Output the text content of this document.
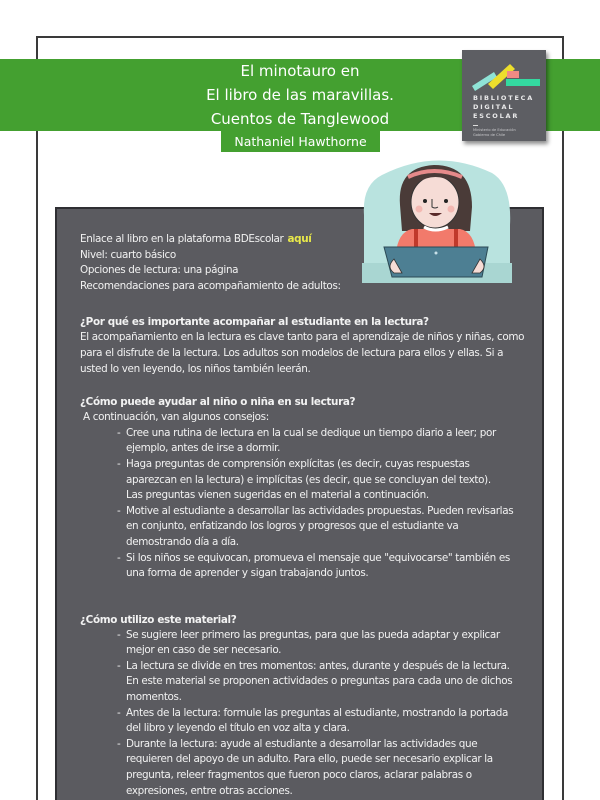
El minotauro en
El libro de las maravillas.
Cuentos de Tanglewood
Nathaniel Hawthorne
BIBLIOTECA
DIGITAL
ESCOLAR
Ministerio de Educación
Gobierno de Chile
Enlace al libro en la plataforma BDEscolar aquí
Nivel: cuarto básico
Opciones de lectura: una página
Recomendaciones para acompañamiento de adultos:
¿Por qué es importante acompañar al estudiante en la lectura?
El acompañamiento en la lectura es clave tanto para el aprendizaje de niños y niñas, como
para el disfrute de la lectura. Los adultos son modelos de lectura para ellos y ellas. Si a
usted lo ven leyendo, los niños también leerán.
¿Cómo puede ayudar al niño o niña en su lectura?
A continuación, van algunos consejos:
- Cree una rutina de lectura en la cual se dedique un tiempo diario a leer; por
ejemplo, antes de irse a dormir.
- Haga preguntas de comprensión explícitas (es decir, cuyas respuestas
aparezcan en la lectura) e implícitas (es decir, que se concluyan del texto).
Las preguntas vienen sugeridas en el material a continuación.
- Motive al estudiante a desarrollar las actividades propuestas. Pueden revisarlas
en conjunto, enfatizando los logros y progresos que el estudiante va
demostrando día a día.
- Si los niños se equivocan, promueva el mensaje que "equivocarse" también es
una forma de aprender y sigan trabajando juntos.
¿Cómo utilizo este material?
- Se sugiere leer primero las preguntas, para que las pueda adaptar y explicar
mejor en caso de ser necesario.
- La lectura se divide en tres momentos: antes, durante y después de la lectura.
En este material se proponen actividades o preguntas para cada uno de dichos
momentos.
- Antes de la lectura: formule las preguntas al estudiante, mostrando la portada
del libro y leyendo el título en voz alta y clara.
- Durante la lectura: ayude al estudiante a desarrollar las actividades que
requieren del apoyo de un adulto. Para ello, puede ser necesario explicar la
pregunta, releer fragmentos que fueron poco claros, aclarar palabras o
expresiones, entre otras acciones.
